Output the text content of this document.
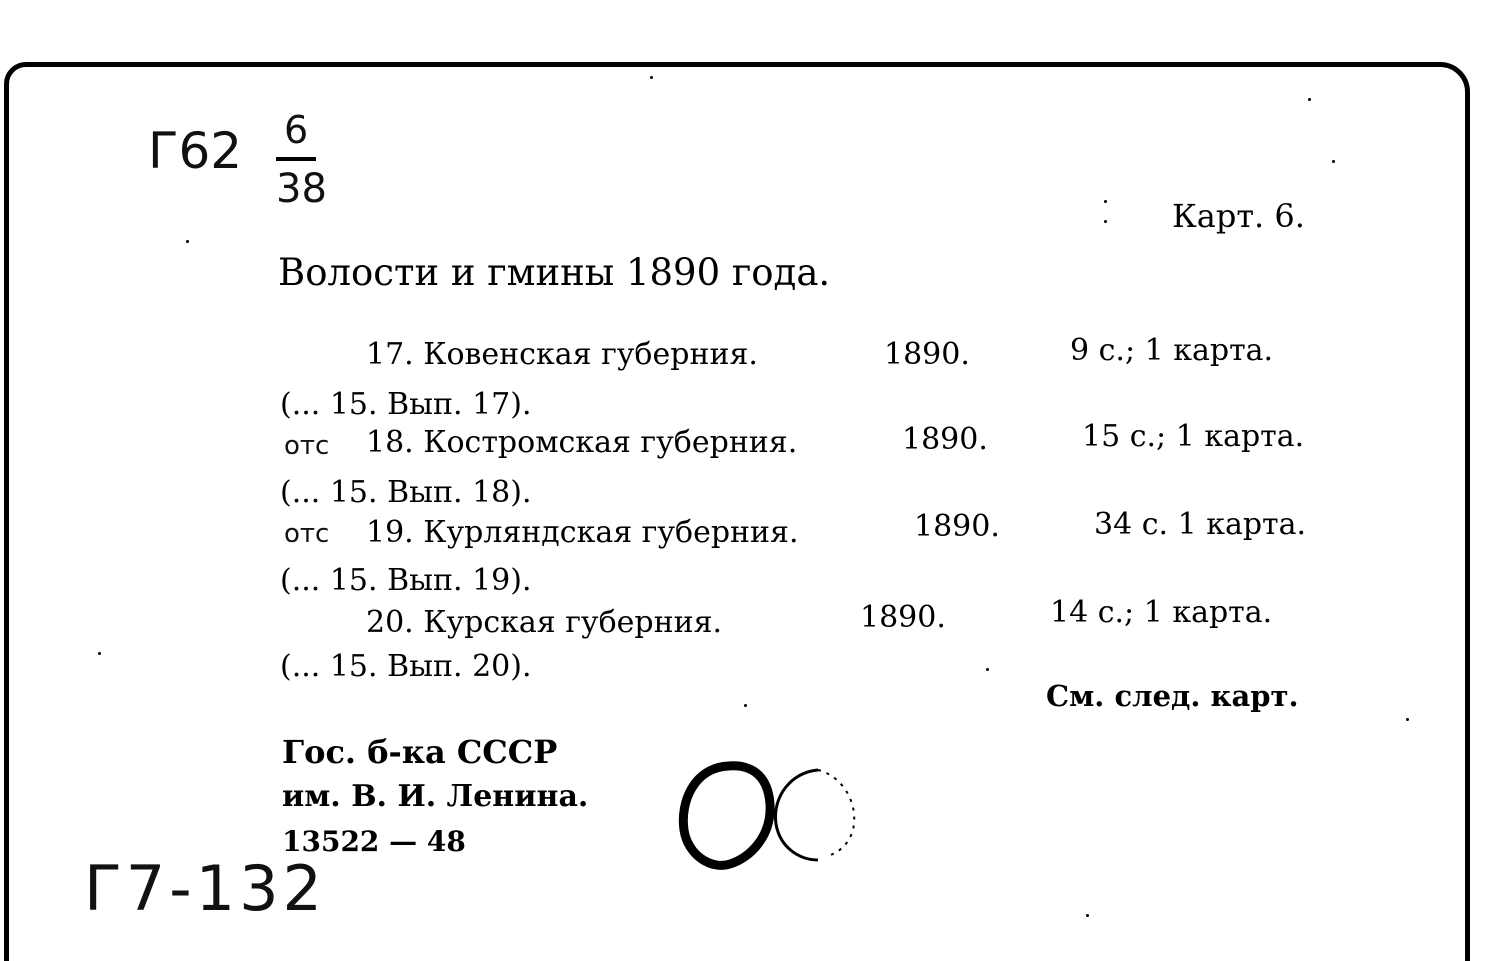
Г62 6
38
Карт. 6.
Волости и гмины 1890 года.
17. Ковенская губерния.	1890.	9 с.; 1 карта.
(... 15. Вып. 17).
отс 18. Костромская губерния.	1890.	15 с.; 1 карта.
(... 15. Вып. 18).
отс 19. Курляндская губерния.	1890.	34 с. 1 карта.
(... 15. Вып. 19).
20. Курская губерния.	1890.	14 с.; 1 карта.
(... 15. Вып. 20).
См. след. карт.
Гос. б-ка СССР
им. В. И. Ленина.
13522 — 48
Г7-132
